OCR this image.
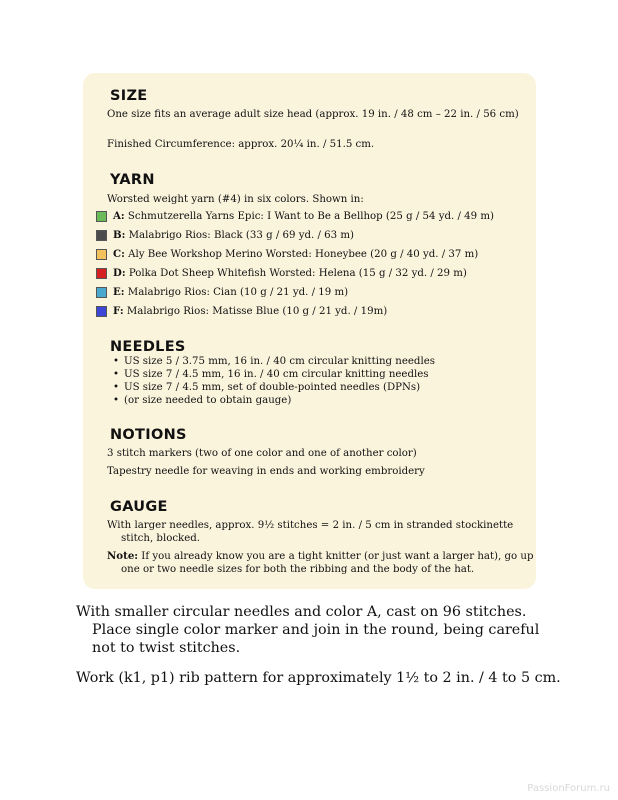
SIZE
One size fits an average adult size head (approx. 19 in. / 48 cm – 22 in. / 56 cm)
Finished Circumference: approx. 20¼ in. / 51.5 cm.
YARN
Worsted weight yarn (#4) in six colors. Shown in:
A: Schmutzerella Yarns Epic: I Want to Be a Bellhop (25 g / 54 yd. / 49 m)
B: Malabrigo Rios: Black (33 g / 69 yd. / 63 m)
C: Aly Bee Workshop Merino Worsted: Honeybee (20 g / 40 yd. / 37 m)
D: Polka Dot Sheep Whitefish Worsted: Helena (15 g / 32 yd. / 29 m)
E: Malabrigo Rios: Cian (10 g / 21 yd. / 19 m)
F: Malabrigo Rios: Matisse Blue (10 g / 21 yd. / 19m)
NEEDLES
• US size 5 / 3.75 mm, 16 in. / 40 cm circular knitting needles
• US size 7 / 4.5 mm, 16 in. / 40 cm circular knitting needles
• US size 7 / 4.5 mm, set of double-pointed needles (DPNs)
• (or size needed to obtain gauge)
NOTIONS
3 stitch markers (two of one color and one of another color)
Tapestry needle for weaving in ends and working embroidery
GAUGE
With larger needles, approx. 9½ stitches = 2 in. / 5 cm in stranded stockinette stitch, blocked.
Note: If you already know you are a tight knitter (or just want a larger hat), go up one or two needle sizes for both the ribbing and the body of the hat.
With smaller circular needles and color A, cast on 96 stitches. Place single color marker and join in the round, being careful not to twist stitches.
Work (k1, p1) rib pattern for approximately 1½ to 2 in. / 4 to 5 cm.
PassionForum.ru
